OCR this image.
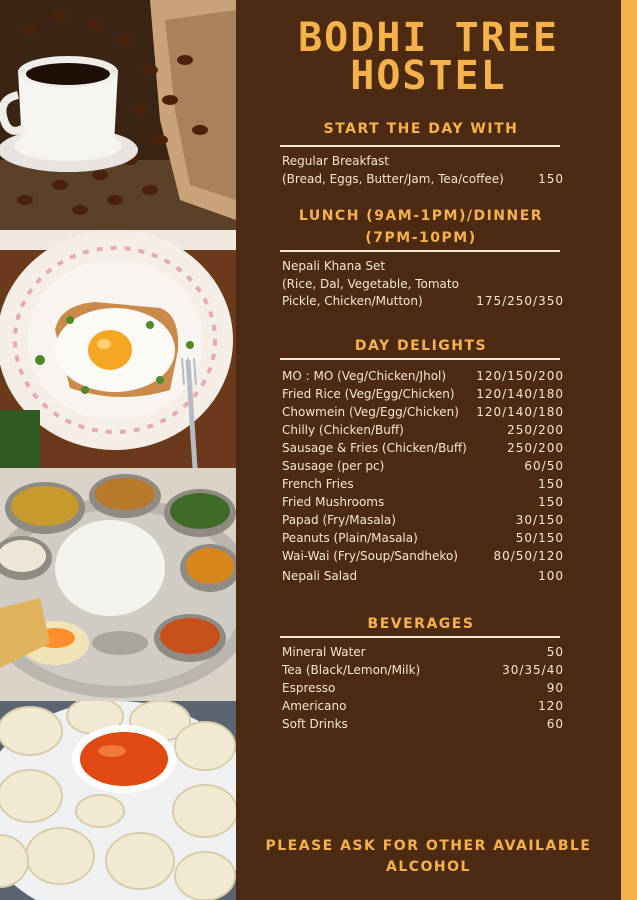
BODHI TREE
HOSTEL
START THE DAY WITH
Regular Breakfast
(Bread, Eggs, Butter/Jam, Tea/coffee)	150
LUNCH (9AM-1PM)/DINNER
(7PM-10PM)
Nepali Khana Set
(Rice, Dal, Vegetable, Tomato
Pickle, Chicken/Mutton)	175/250/350
DAY DELIGHTS
MO : MO (Veg/Chicken/Jhol)	120/150/200
Fried Rice (Veg/Egg/Chicken) 120/140/180
Chowmein (Veg/Egg/Chicken) 120/140/180
Chilly (Chicken/Buff)	250/200
Sausage & Fries (Chicken/Buff)	250/200
Sausage (per pc)	60/50
French Fries	150
Fried Mushrooms	150
Papad (Fry/Masala)	30/150
Peanuts (Plain/Masala)	50/150
Wai-Wai (Fry/Soup/Sandheko)	80/50/120
Nepali Salad	100
BEVERAGES
Mineral Water	50
Tea (Black/Lemon/Milk)	30/35/40
Espresso	90
Americano	120
Soft Drinks	60
PLEASE ASK FOR OTHER AVAILABLE
ALCOHOL
